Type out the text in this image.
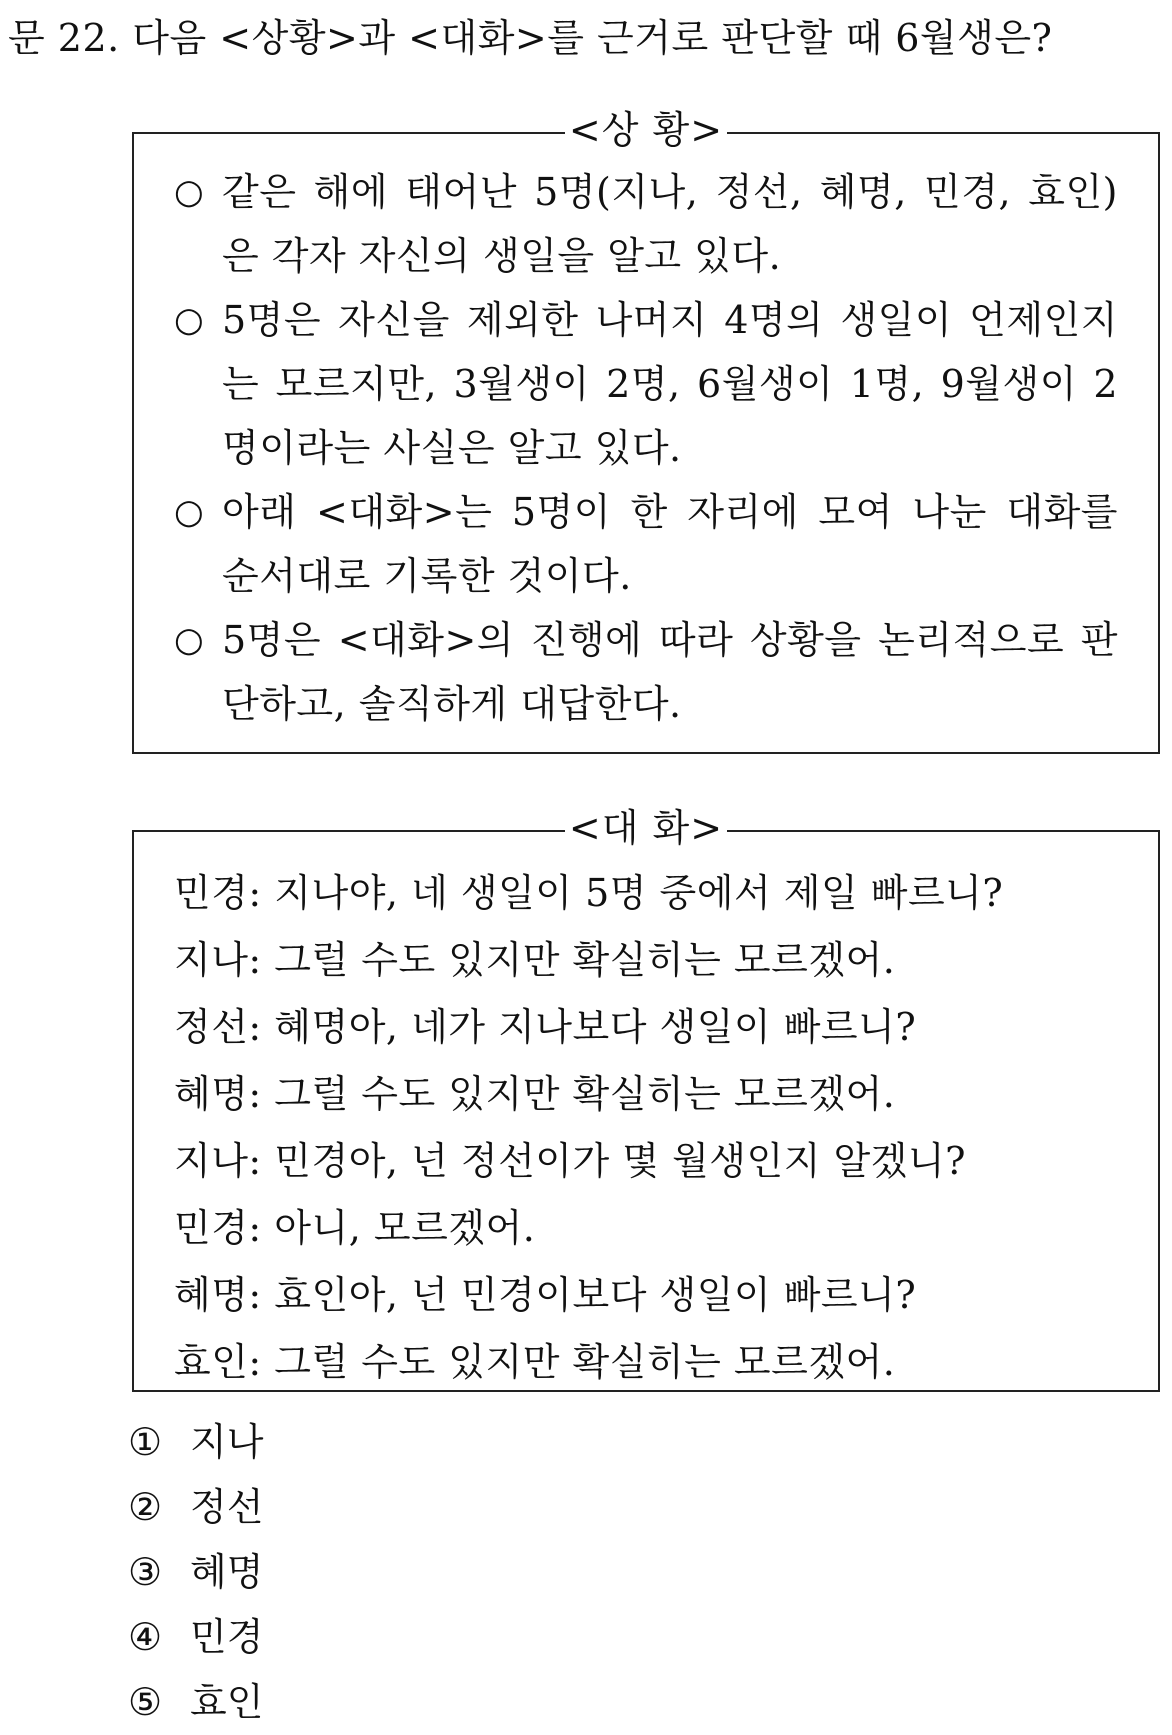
문 22. 다음 <상황>과 <대화>를 근거로 판단할 때 6월생은?
<상 황>
○ 같은 해에 태어난 5명(지나, 정선, 혜명, 민경, 효인)은 각자 자신의 생일을 알고 있다.
○ 5명은 자신을 제외한 나머지 4명의 생일이 언제인지는 모르지만, 3월생이 2명, 6월생이 1명, 9월생이 2명이라는 사실은 알고 있다.
○ 아래 <대화>는 5명이 한 자리에 모여 나눈 대화를 순서대로 기록한 것이다.
○ 5명은 <대화>의 진행에 따라 상황을 논리적으로 판단하고, 솔직하게 대답한다.
<대 화>
민경: 지나야, 네 생일이 5명 중에서 제일 빠르니?
지나: 그럴 수도 있지만 확실히는 모르겠어.
정선: 혜명아, 네가 지나보다 생일이 빠르니?
혜명: 그럴 수도 있지만 확실히는 모르겠어.
지나: 민경아, 넌 정선이가 몇 월생인지 알겠니?
민경: 아니, 모르겠어.
혜명: 효인아, 넌 민경이보다 생일이 빠르니?
효인: 그럴 수도 있지만 확실히는 모르겠어.
① 지나
② 정선
③ 혜명
④ 민경
⑤ 효인
